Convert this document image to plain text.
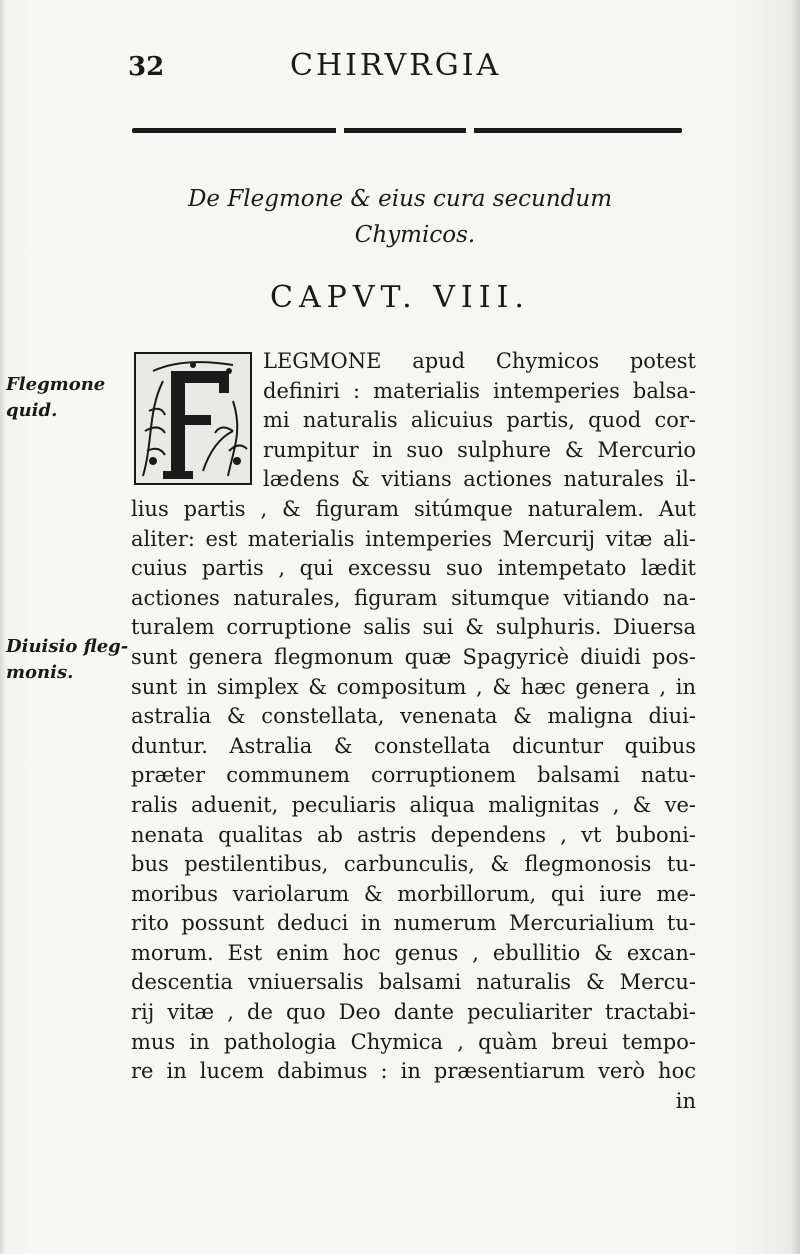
32	CHIRVRGIA
De Flegmone & eius cura secundum
Chymicos.
CAPVT. VIII.
Flegmone
quid.
Diuisio fleg-
monis.
LEGMONE apud Chymicos potest
definiri : materialis intemperies balsa-
mi naturalis alicuius partis, quod cor-
rumpitur in suo sulphure & Mercurio
lædens & vitians actiones naturales il-
lius partis , & figuram sitúmque naturalem. Aut
aliter: est materialis intemperies Mercurij vitæ ali-
cuius partis , qui excessu suo intempetato lædit
actiones naturales, figuram situmque vitiando na-
turalem corruptione salis sui & sulphuris. Diuersa
sunt genera flegmonum quæ Spagyricè diuidi pos-
sunt in simplex & compositum , & hæc genera , in
astralia & constellata, venenata & maligna diui-
duntur. Astralia & constellata dicuntur quibus
præter communem corruptionem balsami natu-
ralis aduenit, peculiaris aliqua malignitas , & ve-
nenata qualitas ab astris dependens , vt buboni-
bus pestilentibus, carbunculis, & flegmonosis tu-
moribus variolarum & morbillorum, qui iure me-
rito possunt deduci in numerum Mercurialium tu-
morum. Est enim hoc genus , ebullitio & excan-
descentia vniuersalis balsami naturalis & Mercu-
rij vitæ , de quo Deo dante peculiariter tractabi-
mus in pathologia Chymica , quàm breui tempo-
re in lucem dabimus : in præsentiarum verò hoc
in
